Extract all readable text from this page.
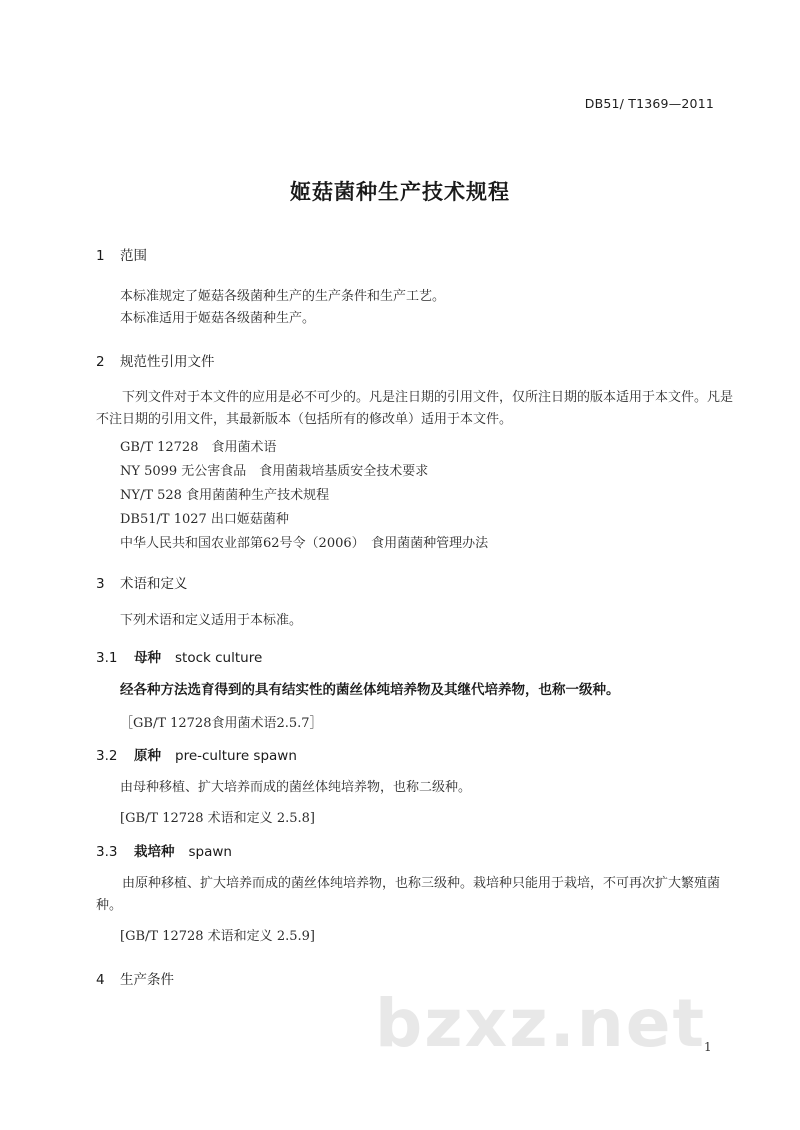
DB51/ T1369—2011
姬菇菌种生产技术规程
1 范围
本标准规定了姬菇各级菌种生产的生产条件和生产工艺。
本标准适用于姬菇各级菌种生产。
2 规范性引用文件
下列文件对于本文件的应用是必不可少的。凡是注日期的引用文件，仅所注日期的版本适用于本文件。凡是不注日期的引用文件，其最新版本（包括所有的修改单）适用于本文件。
GB/T 12728　食用菌术语
NY 5099 无公害食品　食用菌栽培基质安全技术要求
NY/T 528 食用菌菌种生产技术规程
DB51/T 1027 出口姬菇菌种
中华人民共和国农业部第62号令（2006）　食用菌菌种管理办法
3 术语和定义
下列术语和定义适用于本标准。
3.1 母种 stock culture
经各种方法选育得到的具有结实性的菌丝体纯培养物及其继代培养物，也称一级种。
［GB/T 12728食用菌术语2.5.7］
3.2 原种 pre-culture spawn
由母种移植、扩大培养而成的菌丝体纯培养物，也称二级种。
[GB/T 12728 术语和定义 2.5.8]
3.3 栽培种 spawn
由原种移植、扩大培养而成的菌丝体纯培养物，也称三级种。栽培种只能用于栽培，不可再次扩大繁殖菌种。
[GB/T 12728 术语和定义 2.5.9]
4 生产条件
bzxz.net
1
